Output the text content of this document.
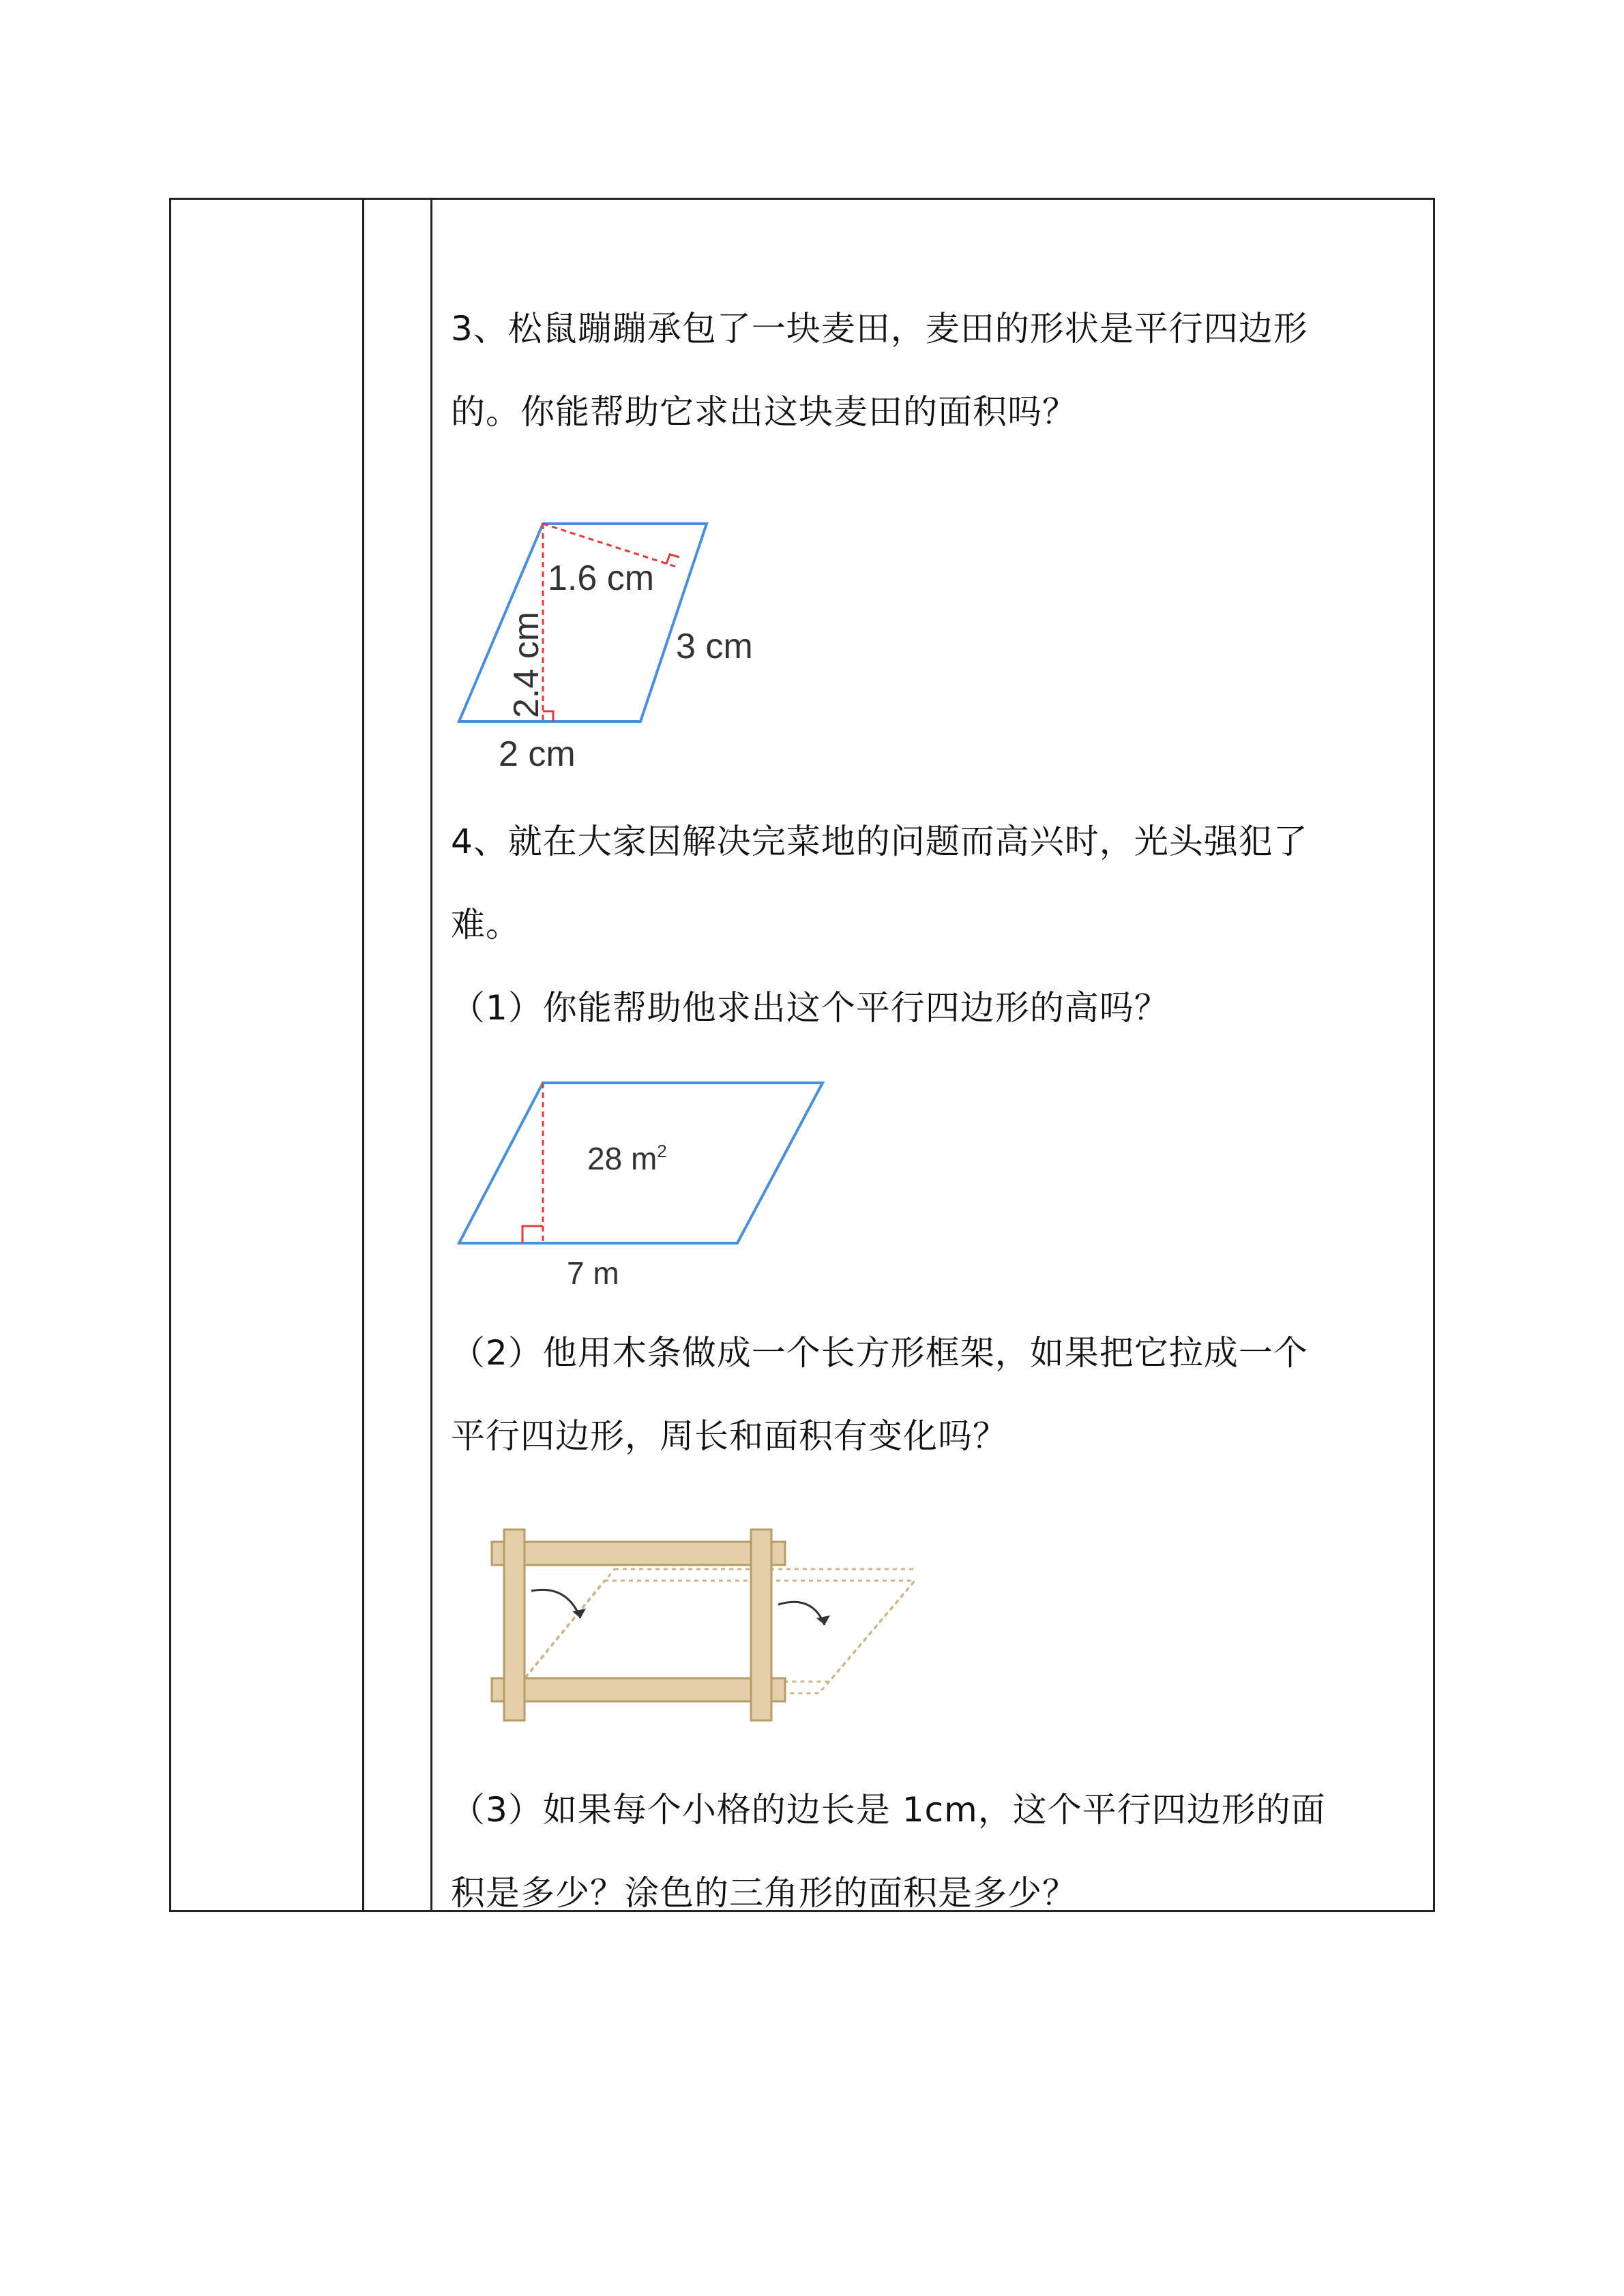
3、松鼠蹦蹦承包了一块麦田，麦田的形状是平行四边形

的。你能帮助它求出这块麦田的面积吗？

1.6 cm
3 cm
2.4 cm
2 cm

4、就在大家因解决完菜地的问题而高兴时，光头强犯了

难。

（1）你能帮助他求出这个平行四边形的高吗？

28 $m^2$
7 m

（2）他用木条做成一个长方形框架，如果把它拉成一个

平行四边形，周长和面积有变化吗？

（3）如果每个小格的边长是 1cm，这个平行四边形的面

积是多少？涂色的三角形的面积是多少？
